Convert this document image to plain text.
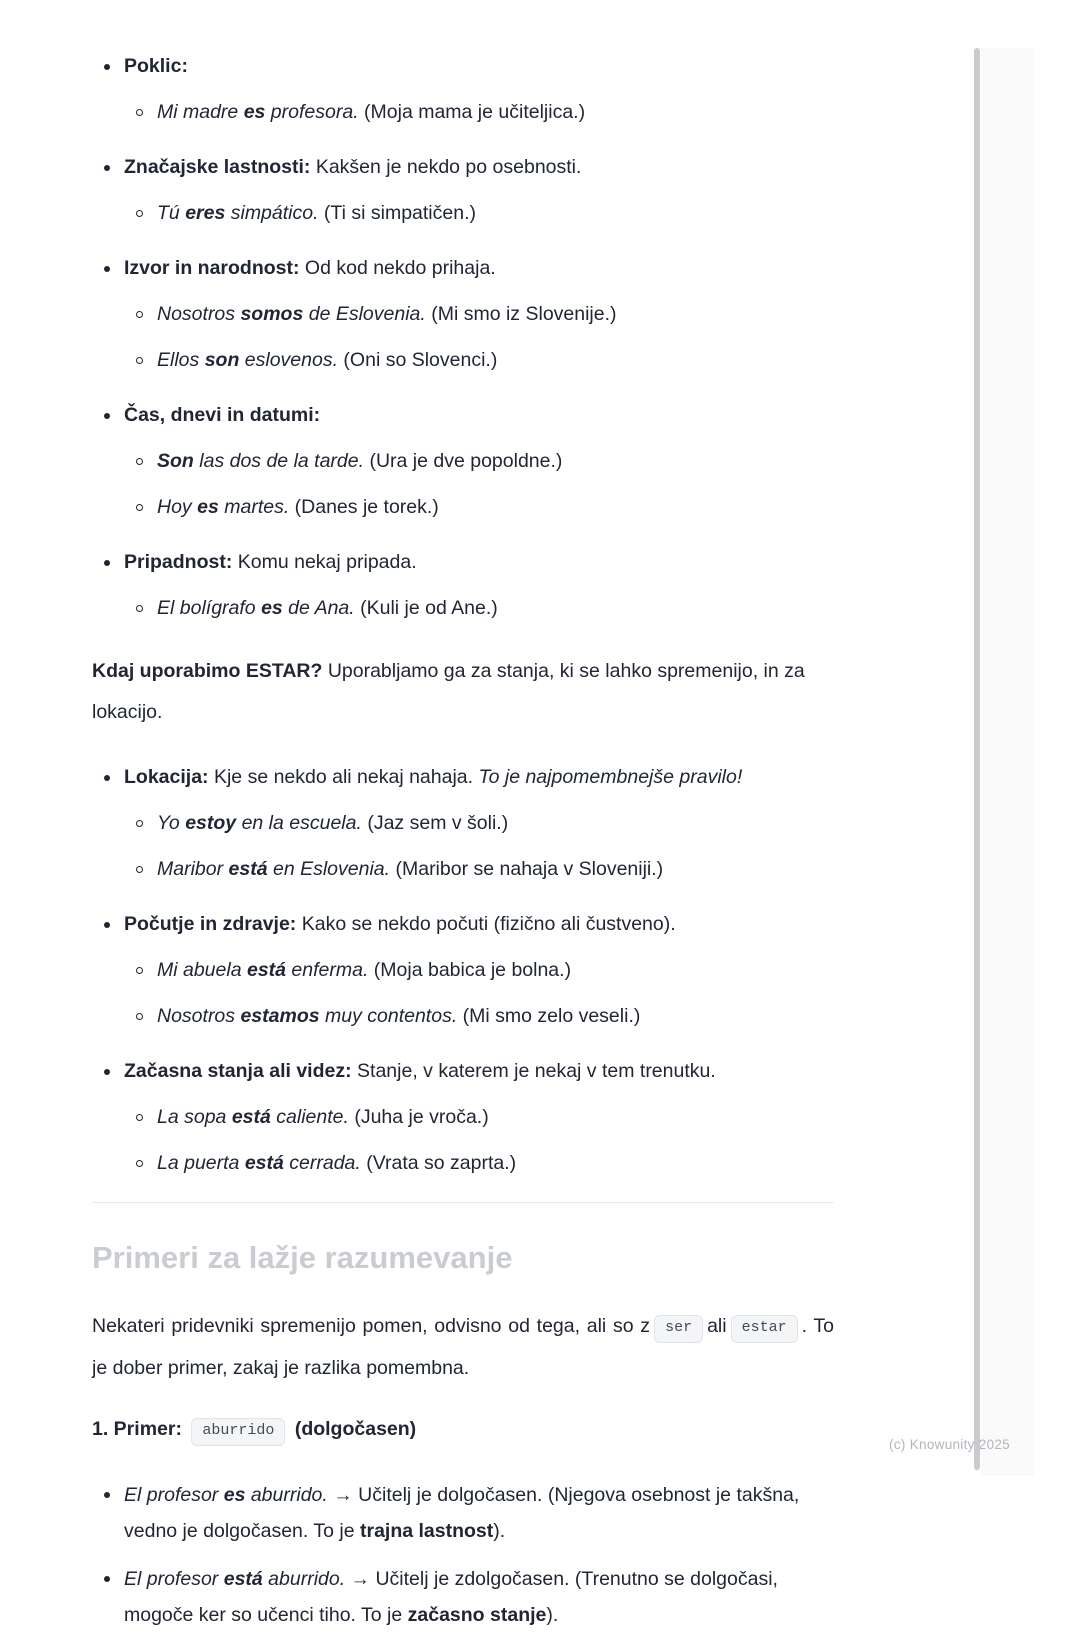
Poklic:
Mi madre es profesora. (Moja mama je učiteljica.)
Značajske lastnosti: Kakšen je nekdo po osebnosti.
Tú eres simpático. (Ti si simpatičen.)
Izvor in narodnost: Od kod nekdo prihaja.
Nosotros somos de Eslovenia. (Mi smo iz Slovenije.)
Ellos son eslovenos. (Oni so Slovenci.)
Čas, dnevi in datumi:
Son las dos de la tarde. (Ura je dve popoldne.)
Hoy es martes. (Danes je torek.)
Pripadnost: Komu nekaj pripada.
El bolígrafo es de Ana. (Kuli je od Ane.)

Kdaj uporabimo ESTAR? Uporabljamo ga za stanja, ki se lahko spremenijo, in za lokacijo.

Lokacija: Kje se nekdo ali nekaj nahaja. To je najpomembnejše pravilo!
Yo estoy en la escuela. (Jaz sem v šoli.)
Maribor está en Eslovenia. (Maribor se nahaja v Sloveniji.)
Počutje in zdravje: Kako se nekdo počuti (fizično ali čustveno).
Mi abuela está enferma. (Moja babica je bolna.)
Nosotros estamos muy contentos. (Mi smo zelo veseli.)
Začasna stanja ali videz: Stanje, v katerem je nekaj v tem trenutku.
La sopa está caliente. (Juha je vroča.)
La puerta está cerrada. (Vrata so zaprta.)
Primeri za lažje razumevanje

Nekateri pridevniki spremenijo pomen, odvisno od tega, ali so z ser ali estar . To je dober primer, zakaj je razlika pomembna.

1. Primer: aburrido (dolgočasen)

El profesor es aburrido. → Učitelj je dolgočasen. (Njegova osebnost je takšna, vedno je dolgočasen. To je trajna lastnost).
El profesor está aburrido. → Učitelj je zdolgočasen. (Trenutno se dolgočasi, mogoče ker so učenci tiho. To je začasno stanje).
(c) Knowunity 2025
